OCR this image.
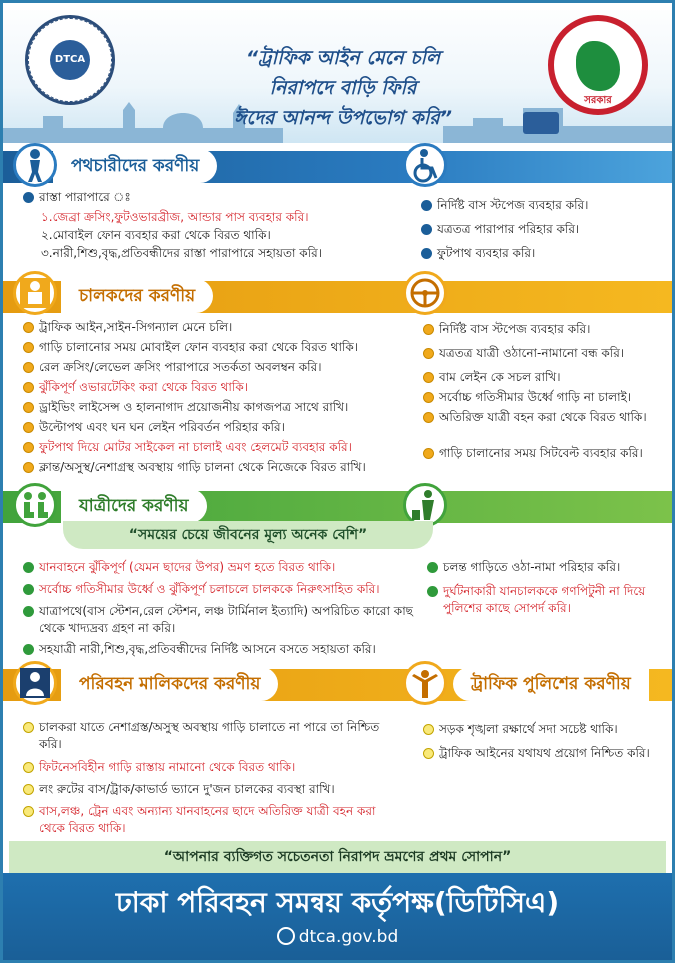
DTCA	“ট্রাফিক আইন মেনে চলি
নিরাপদে বাড়ি ফিরি
ঈদের আনন্দ উপভোগ করি”
সরকার
পথচারীদের করণীয়
রাস্তা পারাপারে ঃ
১.জেব্রা ক্রসিং,ফুটওভারব্রীজ, আন্ডার পাস ব্যবহার করি।
২.মোবাইল ফোন ব্যবহার করা থেকে বিরত থাকি।
৩.নারী,শিশু,বৃদ্ধ,প্রতিবন্ধীদের রাস্তা পারাপারে সহায়তা করি।
নির্দিষ্ট বাস স্টপেজ ব্যবহার করি।
যত্রতত্র পারাপার পরিহার করি।
ফুটপাথ ব্যবহার করি।
চালকদের করণীয়
ট্রাফিক আইন,সাইন-সিগন্যাল মেনে চলি।
গাড়ি চালানোর সময় মোবাইল ফোন ব্যবহার করা থেকে বিরত থাকি।
রেল ক্রসিং/লেভেল ক্রসিং পারাপারে সতর্কতা অবলম্বন করি।
ঝুঁকিপূর্ণ ওভারটেকিং করা থেকে বিরত থাকি।
ড্রাইভিং লাইসেন্স ও হালনাগাদ প্রয়োজনীয় কাগজপত্র সাথে রাখি।
উল্টোপথ এবং ঘন ঘন লেইন পরিবর্তন পরিহার করি।
ফুটপাথ দিয়ে মোটর সাইকেল না চালাই এবং হেলমেট ব্যবহার করি।
ক্লান্ত/অসুস্থ/নেশাগ্রস্থ অবস্থায় গাড়ি চালনা থেকে নিজেকে বিরত রাখি।
নির্দিষ্ট বাস স্টপেজ ব্যবহার করি।
যত্রতত্র যাত্রী ওঠানো-নামানো বন্ধ করি।
বাম লেইন কে সচল রাখি।
সর্বোচ্চ গতিসীমার উর্ধ্বে গাড়ি না চালাই।
অতিরিক্ত যাত্রী বহন করা থেকে বিরত থাকি।
গাড়ি চালানোর সময় সিটবেল্ট ব্যবহার করি।
যাত্রীদের করণীয়
“সময়ের চেয়ে জীবনের মূল্য অনেক বেশি”
যানবাহনে ঝুঁকিপূর্ণ (যেমন ছাদের উপর) ভ্রমণ হতে বিরত থাকি।
সর্বোচ্চ গতিসীমার উর্ধ্বে ও ঝুঁকিপূর্ণ চলাচলে চালককে নিরুৎসাহিত করি।
যাত্রাপথে(বাস স্টেশন,রেল স্টেশন, লঞ্চ টার্মিনাল ইত্যাদি) অপরিচিত কারো কাছ থেকে খাদ্যদ্রব্য গ্রহণ না করি।
সহযাত্রী নারী,শিশু,বৃদ্ধ,প্রতিবন্ধীদের নির্দিষ্ট আসনে বসতে সহায়তা করি।
চলন্ত গাড়িতে ওঠা-নামা পরিহার করি।
দুর্ঘটনাকারী যানচালককে গণপিটুনী না দিয়ে পুলিশের কাছে সোপর্দ করি।
পরিবহন মালিকদের করণীয়	ট্রাফিক পুলিশের করণীয়
চালকরা যাতে নেশাগ্রস্ত/অসুস্থ অবস্থায় গাড়ি চালাতে না পারে তা নিশ্চিত করি।
ফিটনেসবিহীন গাড়ি রাস্তায় নামানো থেকে বিরত থাকি।
লং রুটের বাস/ট্রাক/কাভার্ড ভ্যানে দু'জন চালকের ব্যবস্থা রাখি।
বাস,লঞ্চ, ট্রেন এবং অন্যান্য যানবাহনের ছাদে অতিরিক্ত যাত্রী বহন করা থেকে বিরত থাকি।
সড়ক শৃঙ্খলা রক্ষার্থে সদা সচেষ্ট থাকি।
ট্রাফিক আইনের যথাযথ প্রয়োগ নিশ্চিত করি।
“আপনার ব্যক্তিগত সচেতনতা নিরাপদ ভ্রমণের প্রথম সোপান”
ঢাকা পরিবহন সমন্বয় কর্তৃপক্ষ(ডিটিসিএ)
dtca.gov.bd
